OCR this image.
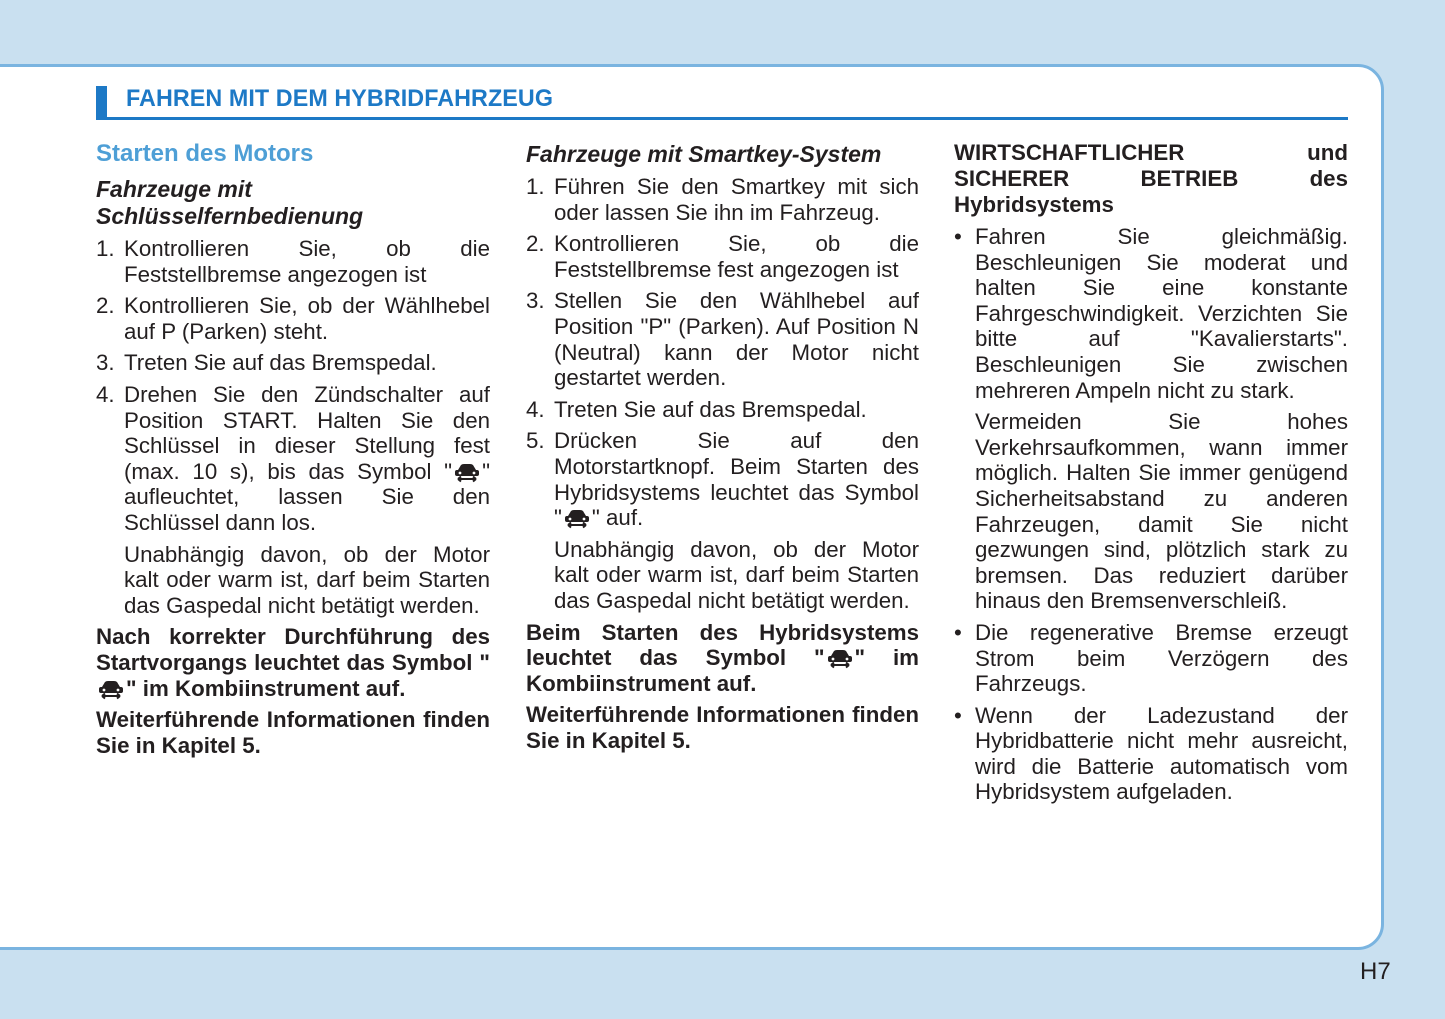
FAHREN MIT DEM HYBRIDFAHRZEUG
Starten des Motors
Fahrzeuge mit Schlüsselfernbedienung
1. Kontrollieren Sie, ob die Feststellbremse angezogen ist
2. Kontrollieren Sie, ob der Wählhebel auf P (Parken) steht.
3. Treten Sie auf das Bremspedal.
4. Drehen Sie den Zündschalter auf Position START. Halten Sie den Schlüssel in dieser Stellung fest (max. 10 s), bis das Symbol " " aufleuchtet, lassen Sie den Schlüssel dann los.

Unabhängig davon, ob der Motor kalt oder warm ist, darf beim Starten das Gaspedal nicht betätigt werden.

Nach korrekter Durchführung des Startvorgangs leuchtet das Symbol "" im Kombiinstrument auf.

Weiterführende Informationen finden Sie in Kapitel 5.

Fahrzeuge mit Smartkey-System
1. Führen Sie den Smartkey mit sich oder lassen Sie ihn im Fahrzeug.
2. Kontrollieren Sie, ob die Feststellbremse fest angezogen ist
3. Stellen Sie den Wählhebel auf Position "P" (Parken). Auf Position N (Neutral) kann der Motor nicht gestartet werden.
4. Treten Sie auf das Bremspedal.
5. Drücken Sie auf den Motorstartknopf. Beim Starten des Hybridsystems leuchtet das Symbol " " auf.

Unabhängig davon, ob der Motor kalt oder warm ist, darf beim Starten das Gaspedal nicht betätigt werden.

Beim Starten des Hybridsystems leuchtet das Symbol " " im Kombiinstrument auf.

Weiterführende Informationen finden Sie in Kapitel 5.

WIRTSCHAFTLICHER und SICHERER BETRIEB des Hybridsystems
• Fahren Sie gleichmäßig. Beschleunigen Sie moderat und halten Sie eine konstante Fahrgeschwindigkeit. Verzichten Sie bitte auf "Kavalierstarts". Beschleunigen Sie zwischen mehreren Ampeln nicht zu stark.

Vermeiden Sie hohes Verkehrsaufkommen, wann immer möglich. Halten Sie immer genügend Sicherheitsabstand zu anderen Fahrzeugen, damit Sie nicht gezwungen sind, plötzlich stark zu bremsen. Das reduziert darüber hinaus den Bremsenverschleiß.

• Die regenerative Bremse erzeugt Strom beim Verzögern des Fahrzeugs.
• Wenn der Ladezustand der Hybridbatterie nicht mehr ausreicht, wird die Batterie automatisch vom Hybridsystem aufgeladen.
H7
